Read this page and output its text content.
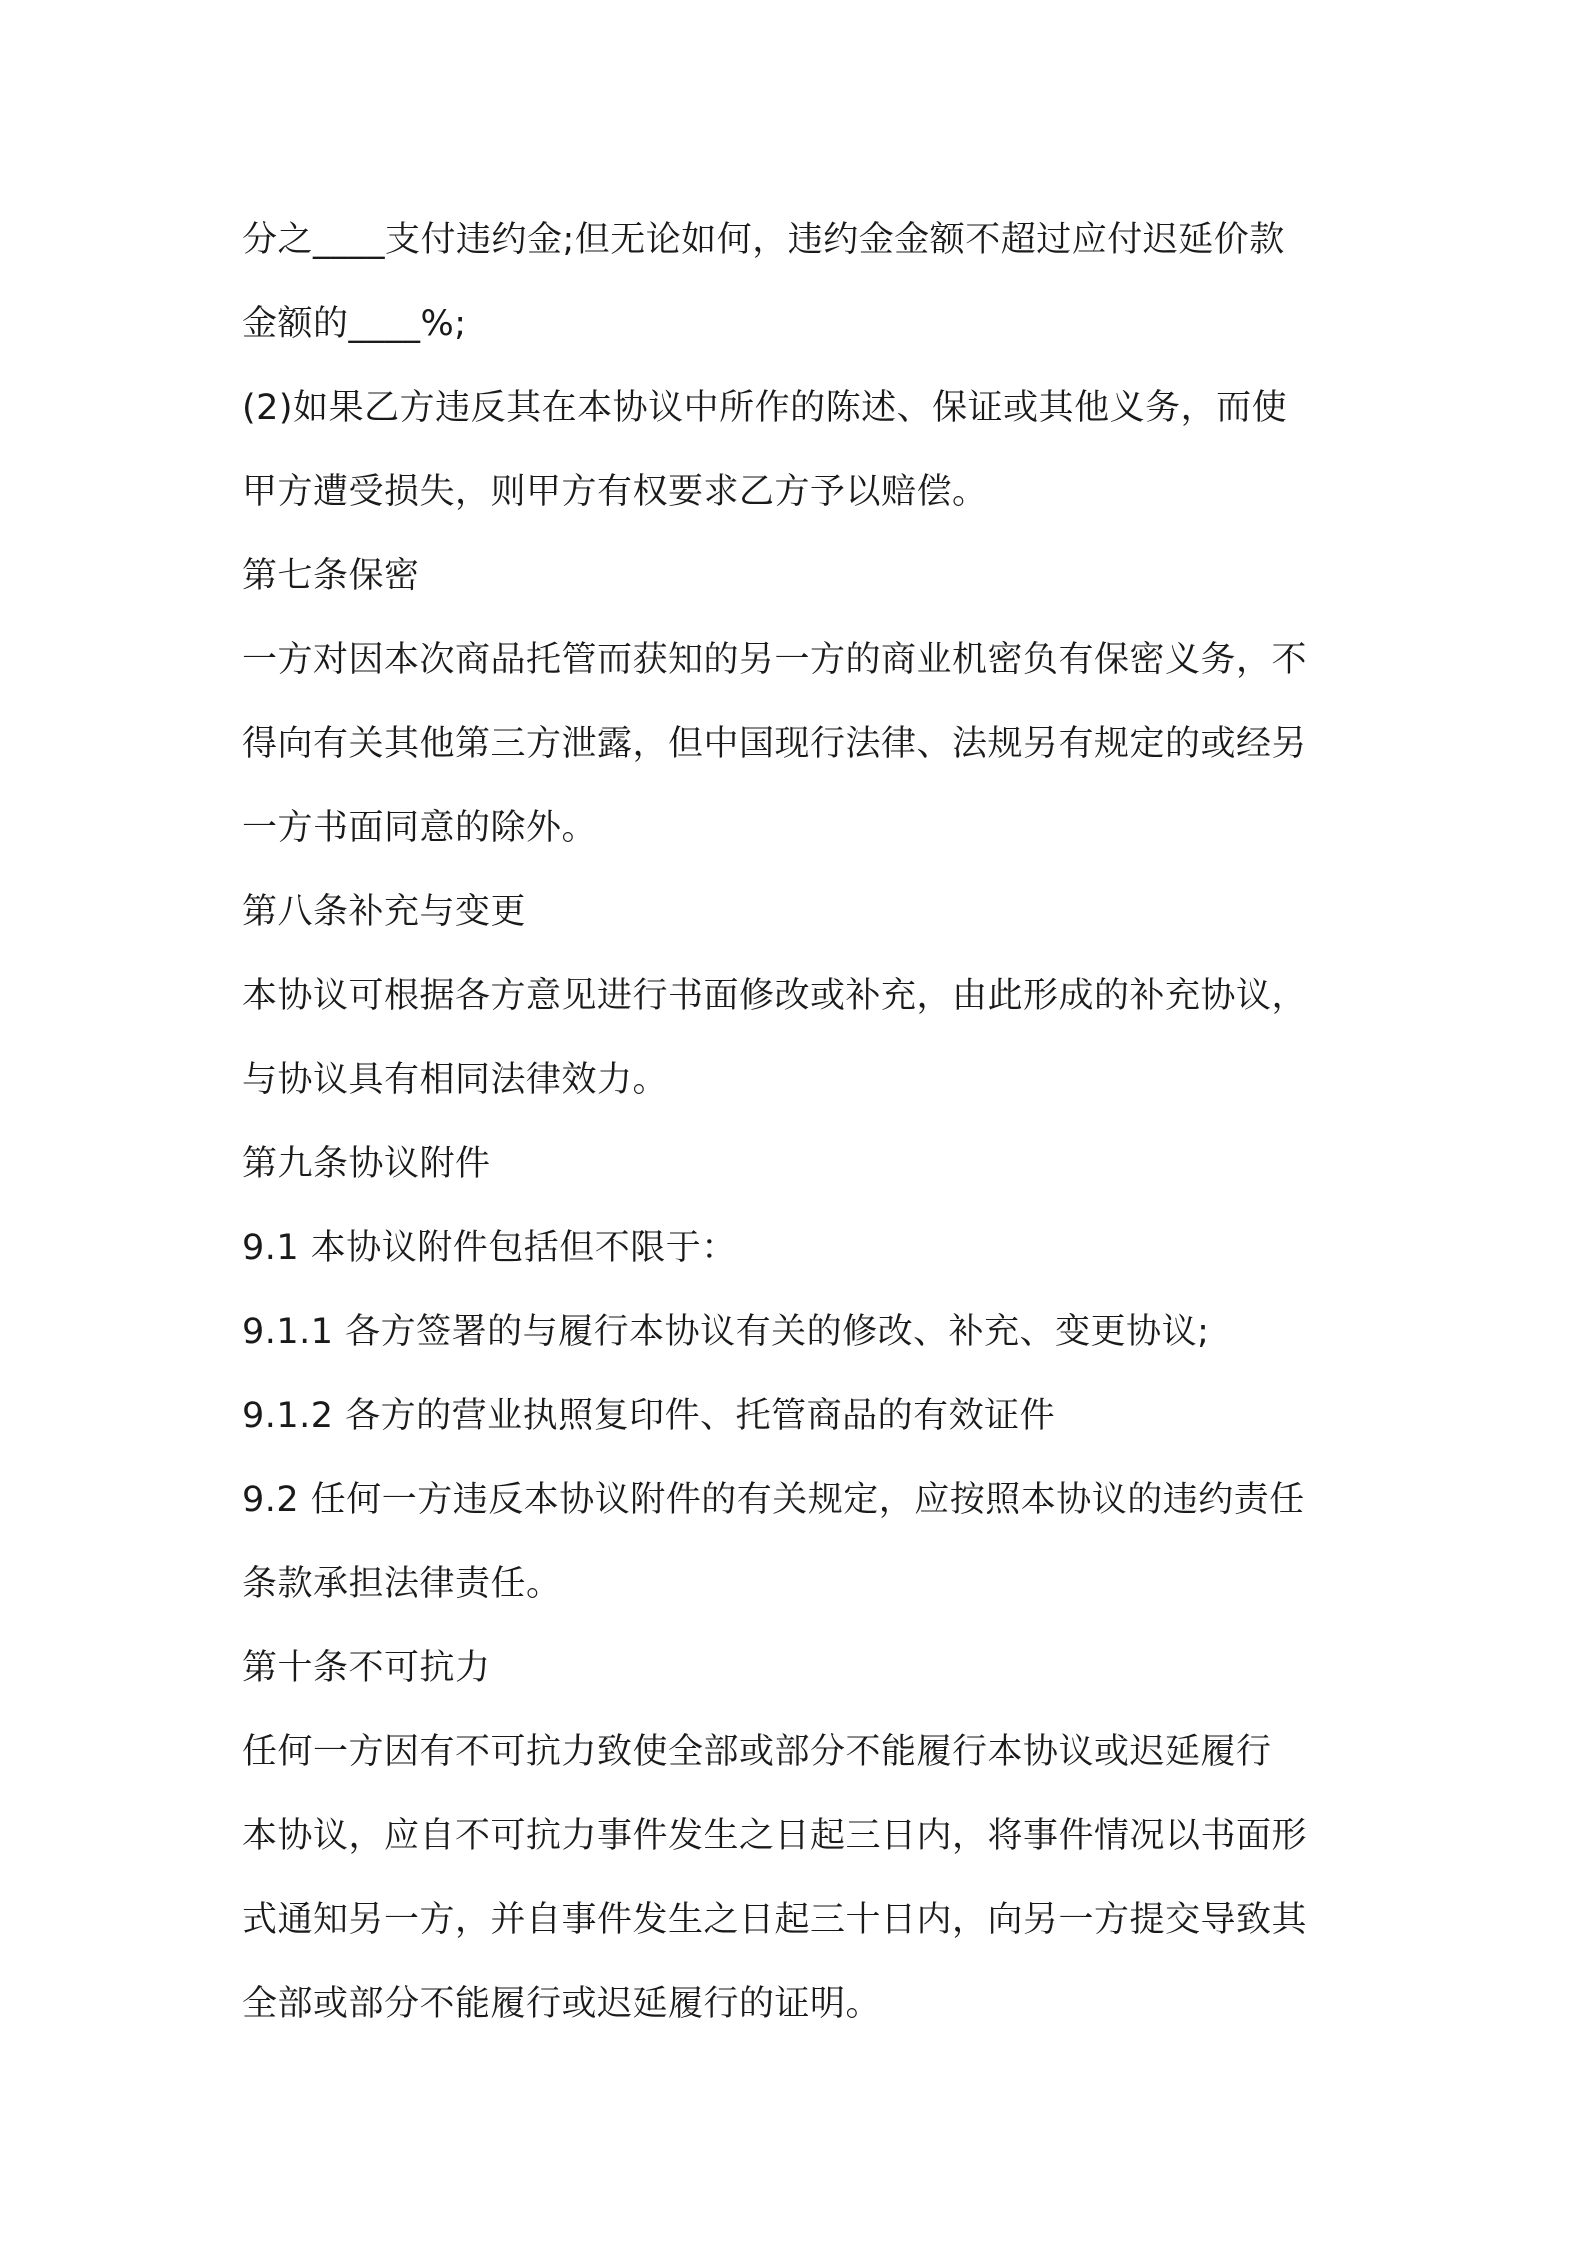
分之____支付违约金;但无论如何，违约金金额不超过应付迟延价款
金额的____%;
(2)如果乙方违反其在本协议中所作的陈述、保证或其他义务，而使
甲方遭受损失，则甲方有权要求乙方予以赔偿。
第七条保密
一方对因本次商品托管而获知的另一方的商业机密负有保密义务，不
得向有关其他第三方泄露，但中国现行法律、法规另有规定的或经另
一方书面同意的除外。
第八条补充与变更
本协议可根据各方意见进行书面修改或补充，由此形成的补充协议，
与协议具有相同法律效力。
第九条协议附件
9.1 本协议附件包括但不限于：
9.1.1 各方签署的与履行本协议有关的修改、补充、变更协议;
9.1.2 各方的营业执照复印件、托管商品的有效证件
9.2 任何一方违反本协议附件的有关规定，应按照本协议的违约责任
条款承担法律责任。
第十条不可抗力
任何一方因有不可抗力致使全部或部分不能履行本协议或迟延履行
本协议，应自不可抗力事件发生之日起三日内，将事件情况以书面形
式通知另一方，并自事件发生之日起三十日内，向另一方提交导致其
全部或部分不能履行或迟延履行的证明。
